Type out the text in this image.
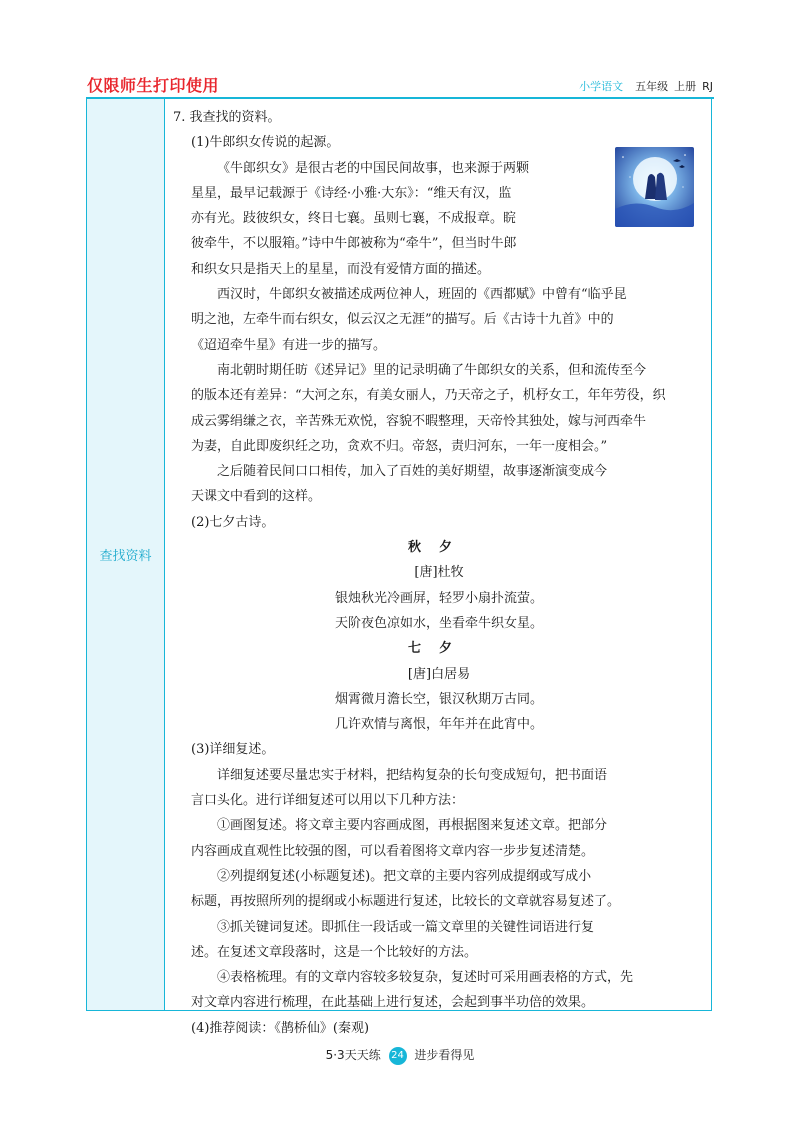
仅限师生打印使用	小学语文 五年级 上册 RJ
查找资料
7. 我查找的资料。
(1)牛郎织女传说的起源。
《牛郎织女》是很古老的中国民间故事，也来源于两颗
星星，最早记载源于《诗经·小雅·大东》：“维天有汉，监
亦有光。跂彼织女，终日七襄。虽则七襄，不成报章。睆
彼牵牛，不以服箱。”诗中牛郎被称为“牵牛”，但当时牛郎
和织女只是指天上的星星，而没有爱情方面的描述。
西汉时，牛郎织女被描述成两位神人，班固的《西都赋》中曾有“临乎昆
明之池，左牵牛而右织女，似云汉之无涯”的描写。后《古诗十九首》中的
《迢迢牵牛星》有进一步的描写。
南北朝时期任昉《述异记》里的记录明确了牛郎织女的关系，但和流传至今
的版本还有差异：“大河之东，有美女丽人，乃天帝之子，机杼女工，年年劳役，织
成云雾绢缣之衣，辛苦殊无欢悦，容貌不暇整理，天帝怜其独处，嫁与河西牵牛
为妻，自此即废织纴之功，贪欢不归。帝怒，责归河东，一年一度相会。”
之后随着民间口口相传，加入了百姓的美好期望，故事逐渐演变成今
天课文中看到的这样。
(2)七夕古诗。
秋夕
[唐]杜牧
银烛秋光冷画屏，轻罗小扇扑流萤。
天阶夜色凉如水，坐看牵牛织女星。
七夕
[唐]白居易
烟霄微月澹长空，银汉秋期万古同。
几许欢情与离恨，年年并在此宵中。
(3)详细复述。
详细复述要尽量忠实于材料，把结构复杂的长句变成短句，把书面语
言口头化。进行详细复述可以用以下几种方法：
①画图复述。将文章主要内容画成图，再根据图来复述文章。把部分
内容画成直观性比较强的图，可以看着图将文章内容一步步复述清楚。
②列提纲复述(小标题复述)。把文章的主要内容列成提纲或写成小
标题，再按照所列的提纲或小标题进行复述，比较长的文章就容易复述了。
③抓关键词复述。即抓住一段话或一篇文章里的关键性词语进行复
述。在复述文章段落时，这是一个比较好的方法。
④表格梳理。有的文章内容较多较复杂，复述时可采用画表格的方式，先
对文章内容进行梳理，在此基础上进行复述，会起到事半功倍的效果。
(4)推荐阅读：《鹊桥仙》(秦观)
5·3天天练 24 进步看得见
